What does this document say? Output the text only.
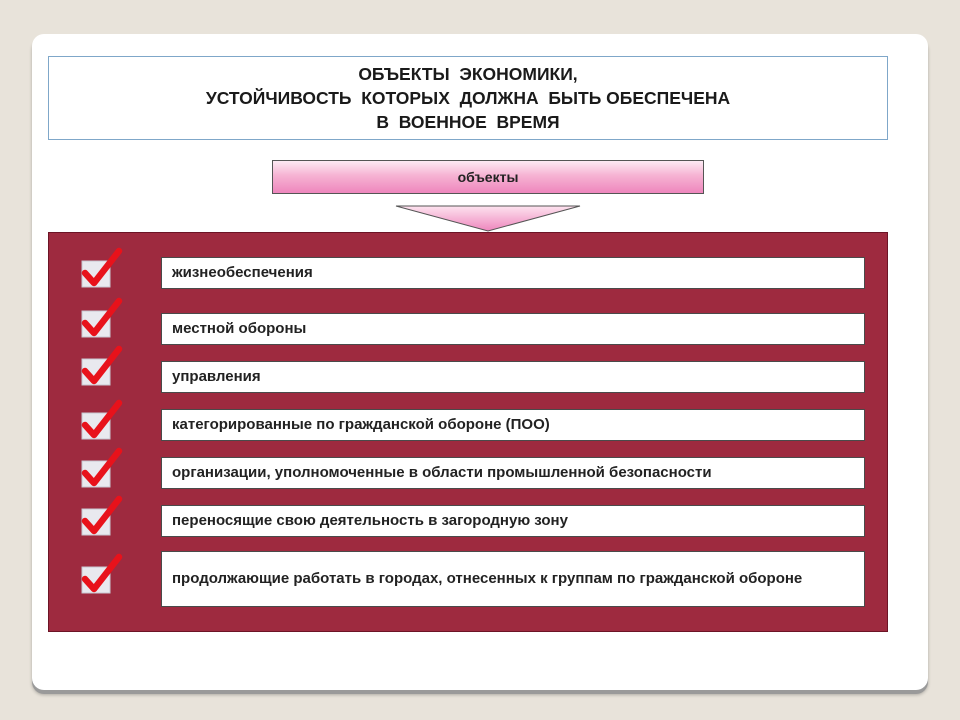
ОБЪЕКТЫ  ЭКОНОМИКИ,
УСТОЙЧИВОСТЬ  КОТОРЫХ  ДОЛЖНА  БЫТЬ ОБЕСПЕЧЕНА
В  ВОЕННОЕ  ВРЕМЯ
объекты
жизнеобеспечения
местной обороны
управления
категорированные по гражданской обороне (ПОО)
организации, уполномоченные в области промышленной безопасности
переносящие свою деятельность в загородную зону
продолжающие работать в городах, отнесенных к группам по гражданской обороне
